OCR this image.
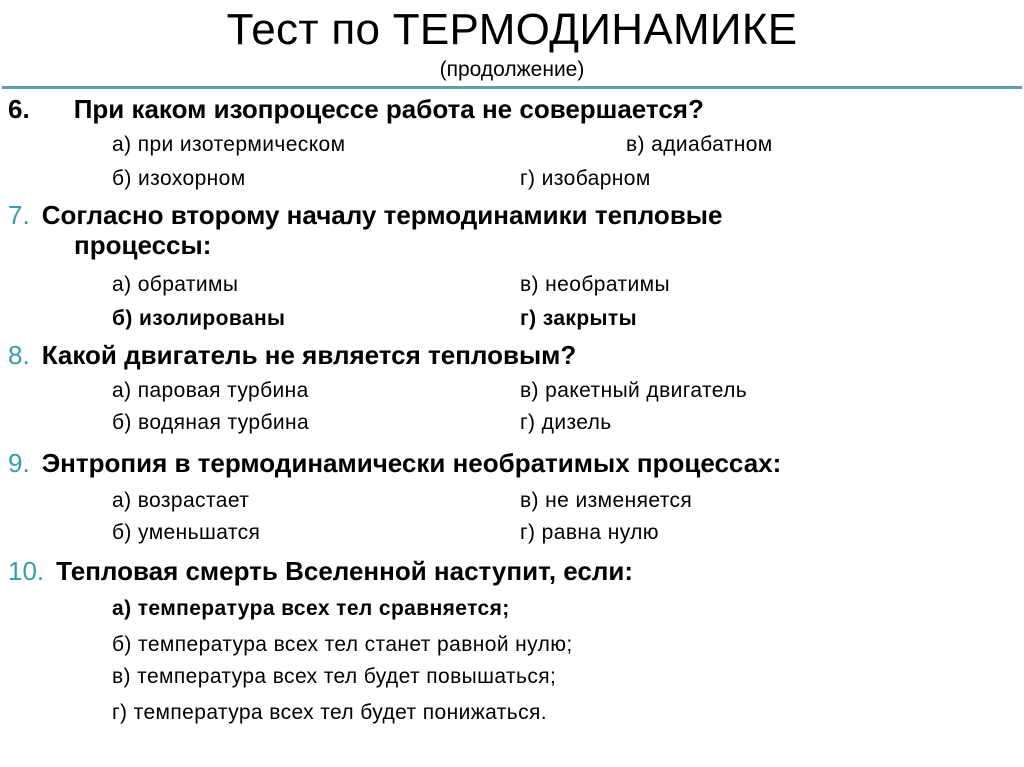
Тест по ТЕРМОДИНАМИКЕ
(продолжение)
6. При каком изопроцессе работа не совершается?
а) при изотермическом	в) адиабатном
б) изохорном	г) изобарном
7. Согласно второму началу термодинамики тепловые
процессы:
а) обратимы	в) необратимы
б) изолированы	г) закрыты
8. Какой двигатель не является тепловым?
а) паровая турбина	в) ракетный двигатель
б) водяная турбина	г) дизель
9. Энтропия в термодинамически необратимых процессах:
а) возрастает	в) не изменяется
б) уменьшатся	г) равна нулю
10. Тепловая смерть Вселенной наступит, если:
а) температура всех тел сравняется;
б) температура всех тел станет равной нулю;
в) температура всех тел будет повышаться;
г) температура всех тел будет понижаться.
